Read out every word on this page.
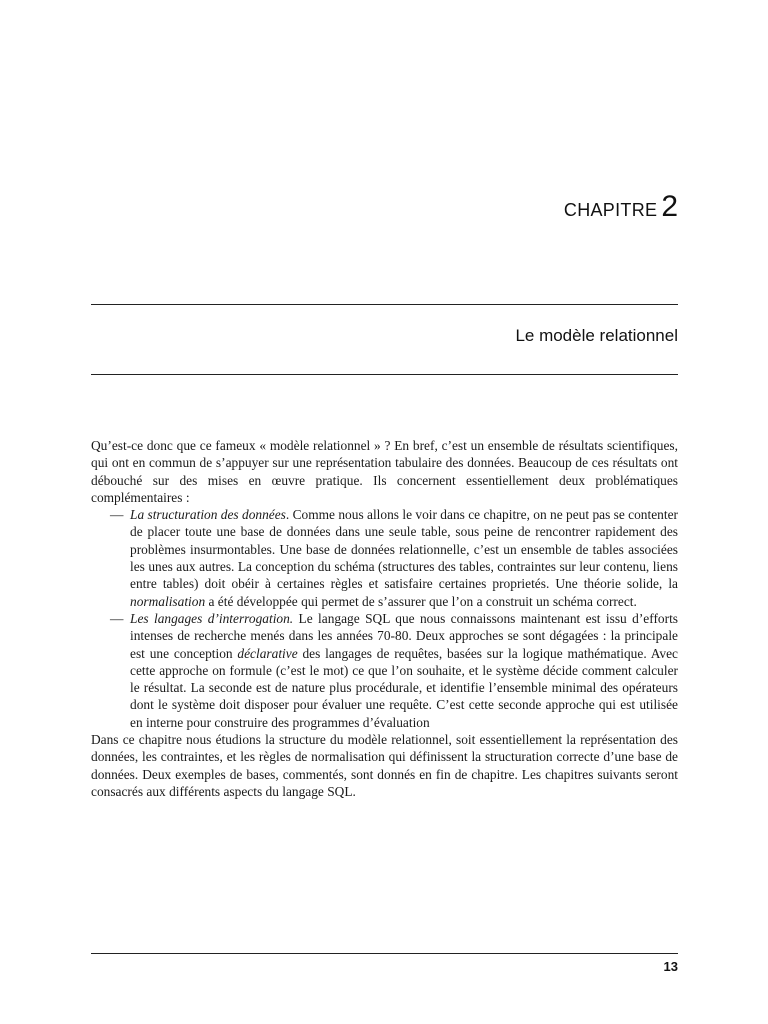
CHAPITRE 2
Le modèle relationnel

Qu’est-ce donc que ce fameux « modèle relationnel » ? En bref, c’est un ensemble de résultats scientifiques, qui ont en commun de s’appuyer sur une représentation tabulaire des données. Beaucoup de ces résultats ont débouché sur des mises en œuvre pratique. Ils concernent essentiellement deux problématiques complémentaires :

— La structuration des données. Comme nous allons le voir dans ce chapitre, on ne peut pas se contenter de placer toute une base de données dans une seule table, sous peine de rencontrer rapidement des problèmes insurmontables. Une base de données relationnelle, c’est un ensemble de tables associées les unes aux autres. La conception du schéma (structures des tables, contraintes sur leur contenu, liens entre tables) doit obéir à certaines règles et satisfaire certaines proprietés. Une théorie solide, la normalisation a été développée qui permet de s’assurer que l’on a construit un schéma correct.
— Les langages d’interrogation. Le langage SQL que nous connaissons maintenant est issu d’efforts intenses de recherche menés dans les années 70-80. Deux approches se sont dégagées : la principale est une conception déclarative des langages de requêtes, basées sur la logique mathématique. Avec cette approche on formule (c’est le mot) ce que l’on souhaite, et le système décide comment calculer le résultat. La seconde est de nature plus procédurale, et identifie l’ensemble minimal des opérateurs dont le système doit disposer pour évaluer une requête. C’est cette seconde approche qui est utilisée en interne pour construire des programmes d’évaluation

Dans ce chapitre nous étudions la structure du modèle relationnel, soit essentiellement la représentation des données, les contraintes, et les règles de normalisation qui définissent la structuration correcte d’une base de données. Deux exemples de bases, commentés, sont donnés en fin de chapitre. Les chapitres suivants seront consacrés aux différents aspects du langage SQL.

13
